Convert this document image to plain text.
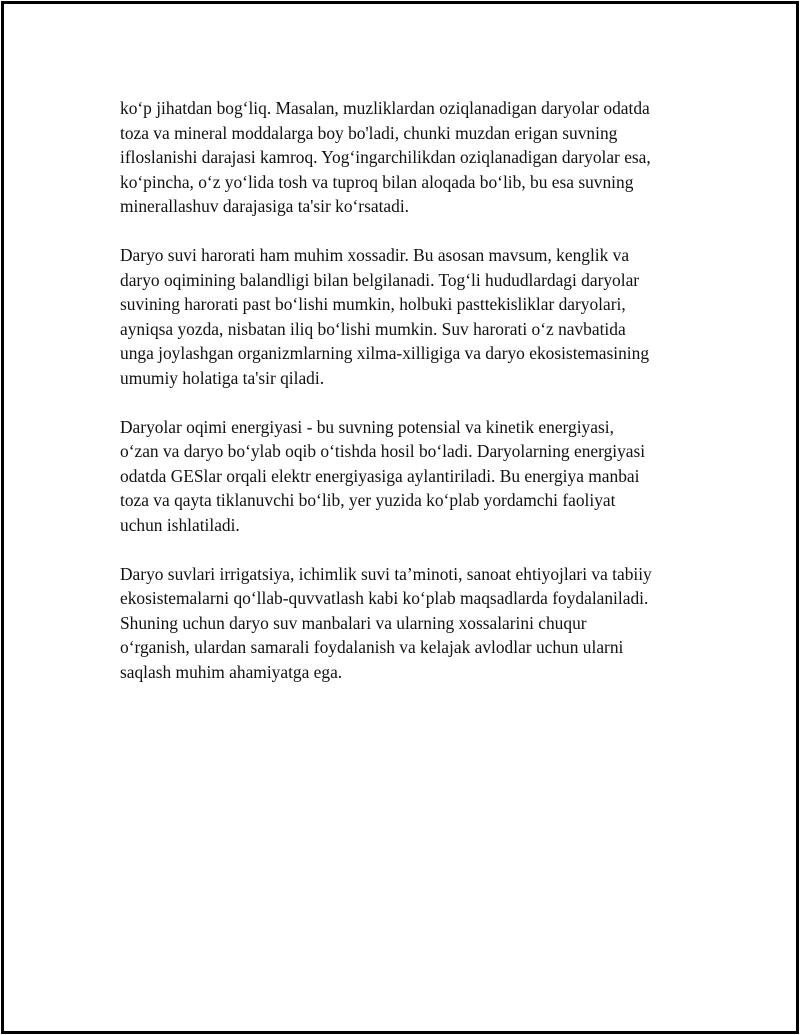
koʻp jihatdan bogʻliq. Masalan, muzliklardan oziqlanadigan daryolar odatda
toza va mineral moddalarga boy bo'ladi, chunki muzdan erigan suvning
ifloslanishi darajasi kamroq. Yogʻingarchilikdan oziqlanadigan daryolar esa,
koʻpincha, oʻz yoʻlida tosh va tuproq bilan aloqada boʻlib, bu esa suvning
minerallashuv darajasiga ta'sir koʻrsatadi.

Daryo suvi harorati ham muhim xossadir. Bu asosan mavsum, kenglik va
daryo oqimining balandligi bilan belgilanadi. Togʻli hududlardagi daryolar
suvining harorati past boʻlishi mumkin, holbuki pasttekisliklar daryolari,
ayniqsa yozda, nisbatan iliq boʻlishi mumkin. Suv harorati oʻz navbatida
unga joylashgan organizmlarning xilma-xilligiga va daryo ekosistemasining
umumiy holatiga ta'sir qiladi.

Daryolar oqimi energiyasi - bu suvning potensial va kinetik energiyasi,
oʻzan va daryo boʻylab oqib oʻtishda hosil boʻladi. Daryolarning energiyasi
odatda GESlar orqali elektr energiyasiga aylantiriladi. Bu energiya manbai
toza va qayta tiklanuvchi boʻlib, yer yuzida koʻplab yordamchi faoliyat
uchun ishlatiladi.

Daryo suvlari irrigatsiya, ichimlik suvi ta’minoti, sanoat ehtiyojlari va tabiiy
ekosistemalarni qoʻllab-quvvatlash kabi koʻplab maqsadlarda foydalaniladi.
Shuning uchun daryo suv manbalari va ularning xossalarini chuqur
oʻrganish, ulardan samarali foydalanish va kelajak avlodlar uchun ularni
saqlash muhim ahamiyatga ega.
